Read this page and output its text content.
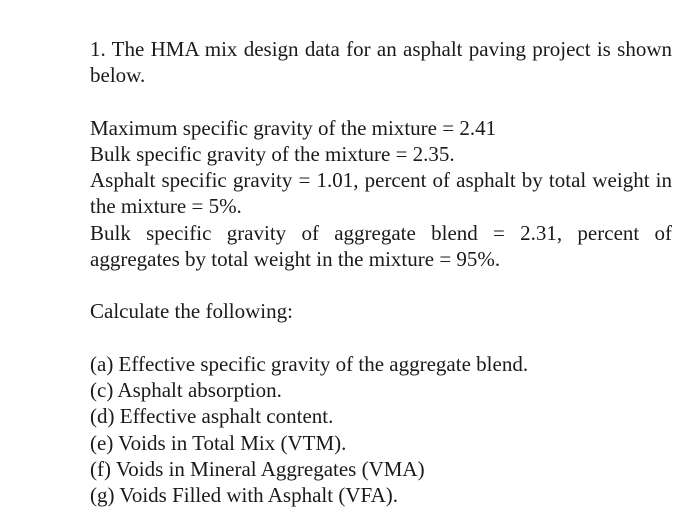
1. The HMA mix design data for an asphalt paving project is shown below.

Maximum specific gravity of the mixture = 2.41

Bulk specific gravity of the mixture = 2.35.

Asphalt specific gravity = 1.01, percent of asphalt by total weight in the mixture = 5%.

Bulk specific gravity of aggregate blend = 2.31, percent of aggregates by total weight in the mixture = 95%.

Calculate the following:

(a) Effective specific gravity of the aggregate blend.
(c) Asphalt absorption.
(d) Effective asphalt content.
(e) Voids in Total Mix (VTM).
(f) Voids in Mineral Aggregates (VMA)
(g) Voids Filled with Asphalt (VFA).
